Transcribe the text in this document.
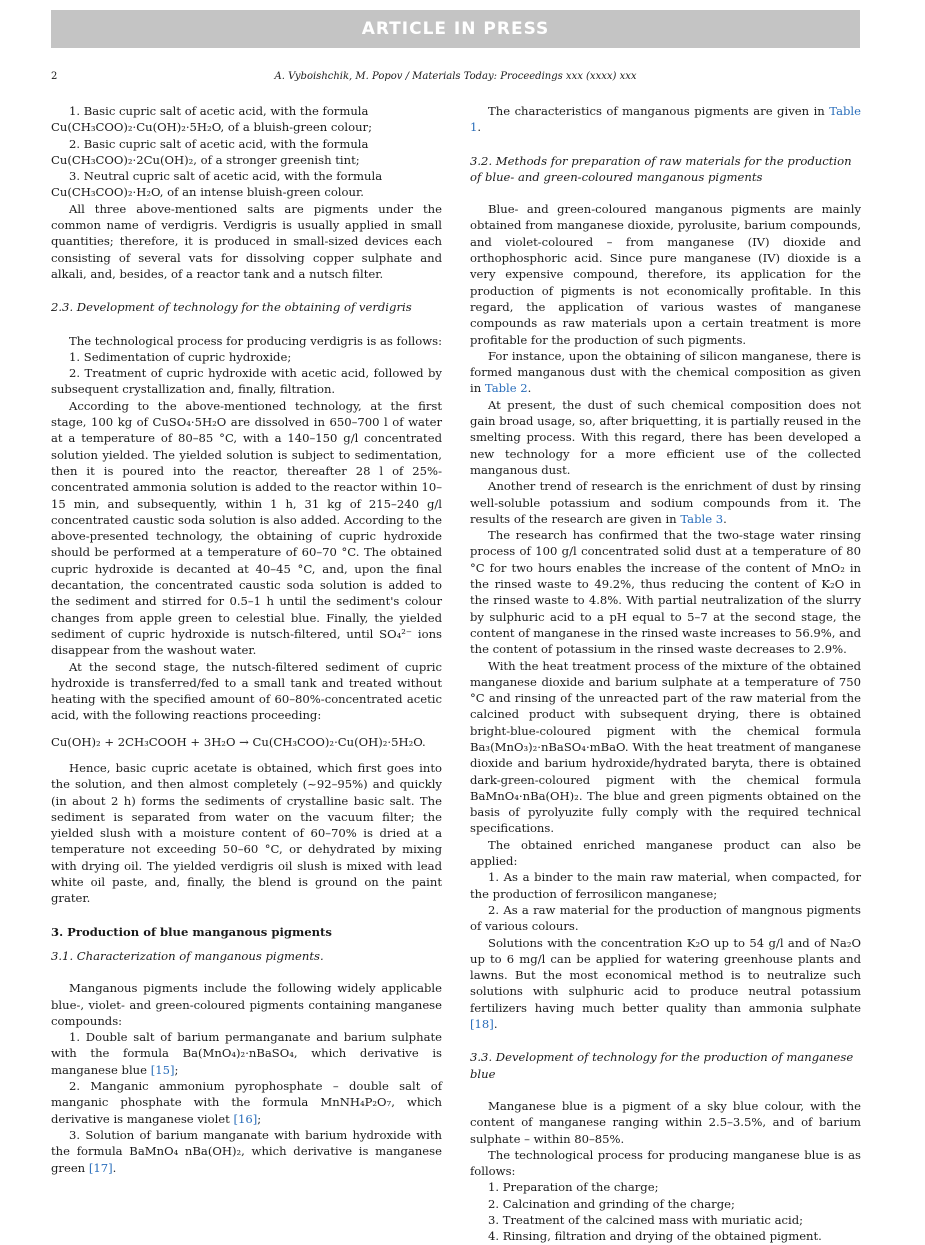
ARTICLE IN PRESS
2	A. Vyboishchik, M. Popov / Materials Today: Proceedings xxx (xxxx) xxx

1. Basic cupric salt of acetic acid, with the formula

Cu(CH₃COO)₂·Cu(OH)₂·5H₂O, of a bluish-green colour;

2. Basic cupric salt of acetic acid, with the formula

Cu(CH₃COO)₂·2Cu(OH)₂, of a stronger greenish tint;

3. Neutral cupric salt of acetic acid, with the formula

Cu(CH₃COO)₂·H₂O, of an intense bluish-green colour.

All three above-mentioned salts are pigments under the common name of verdigris. Verdigris is usually applied in small quantities; therefore, it is produced in small-sized devices each consisting of several vats for dissolving copper sulphate and alkali, and, besides, of a reactor tank and a nutsch filter.

2.3. Development of technology for the obtaining of verdigris

The technological process for producing verdigris is as follows:

1. Sedimentation of cupric hydroxide;

2. Treatment of cupric hydroxide with acetic acid, followed by subsequent crystallization and, finally, filtration.

According to the above-mentioned technology, at the first stage, 100 kg of CuSO₄·5H₂O are dissolved in 650–700 l of water at a temperature of 80–85 °C, with a 140–150 g/l concentrated solution yielded. The yielded solution is subject to sedimentation, then it is poured into the reactor, thereafter 28 l of 25%-concentrated ammonia solution is added to the reactor within 10–15 min, and subsequently, within 1 h, 31 kg of 215–240 g/l concentrated caustic soda solution is also added. According to the above-presented technology, the obtaining of cupric hydroxide should be performed at a temperature of 60–70 °C. The obtained cupric hydroxide is decanted at 40–45 °C, and, upon the final decantation, the concentrated caustic soda solution is added to the sediment and stirred for 0.5–1 h until the sediment's colour changes from apple green to celestial blue. Finally, the yielded sediment of cupric hydroxide is nutsch-filtered, until SO₄²⁻ ions disappear from the washout water.

At the second stage, the nutsch-filtered sediment of cupric hydroxide is transferred/fed to a small tank and treated without heating with the specified amount of 60–80%-concentrated acetic acid, with the following reactions proceeding:

Cu(OH)₂ + 2CH₃COOH + 3H₂O → Cu(CH₃COO)₂·Cu(OH)₂·5H₂O.

Hence, basic cupric acetate is obtained, which first goes into the solution, and then almost completely (~92–95%) and quickly (in about 2 h) forms the sediments of crystalline basic salt. The sediment is separated from water on the vacuum filter; the yielded slush with a moisture content of 60–70% is dried at a temperature not exceeding 50–60 °C, or dehydrated by mixing with drying oil. The yielded verdigris oil slush is mixed with lead white oil paste, and, finally, the blend is ground on the paint grater.

3. Production of blue manganous pigments

3.1. Characterization of manganous pigments.

Manganous pigments include the following widely applicable blue-, violet- and green-coloured pigments containing manganese compounds:

1. Double salt of barium permanganate and barium sulphate with the formula Ba(MnO₄)₂·nBaSO₄, which derivative is manganese blue [15];

2. Manganic ammonium pyrophosphate – double salt of manganic phosphate with the formula MnNH₄P₂O₇, which derivative is manganese violet [16];

3. Solution of barium manganate with barium hydroxide with the formula BaMnO₄ nBa(OH)₂, which derivative is manganese green [17].

The characteristics of manganous pigments are given in Table 1.

3.2. Methods for preparation of raw materials for the production of blue- and green-coloured manganous pigments

Blue- and green-coloured manganous pigments are mainly obtained from manganese dioxide, pyrolusite, barium compounds, and violet-coloured – from manganese (IV) dioxide and orthophosphoric acid. Since pure manganese (IV) dioxide is a very expensive compound, therefore, its application for the production of pigments is not economically profitable. In this regard, the application of various wastes of manganese compounds as raw materials upon a certain treatment is more profitable for the production of such pigments.

For instance, upon the obtaining of silicon manganese, there is formed manganous dust with the chemical composition as given in Table 2.

At present, the dust of such chemical composition does not gain broad usage, so, after briquetting, it is partially reused in the smelting process. With this regard, there has been developed a new technology for a more efficient use of the collected manganous dust.

Another trend of research is the enrichment of dust by rinsing well-soluble potassium and sodium compounds from it. The results of the research are given in Table 3.

The research has confirmed that the two-stage water rinsing process of 100 g/l concentrated solid dust at a temperature of 80 °C for two hours enables the increase of the content of MnO₂ in the rinsed waste to 49.2%, thus reducing the content of K₂O in the rinsed waste to 4.8%. With partial neutralization of the slurry by sulphuric acid to a pH equal to 5–7 at the second stage, the content of manganese in the rinsed waste increases to 56.9%, and the content of potassium in the rinsed waste decreases to 2.9%.

With the heat treatment process of the mixture of the obtained manganese dioxide and barium sulphate at a temperature of 750 °C and rinsing of the unreacted part of the raw material from the calcined product with subsequent drying, there is obtained bright-blue-coloured pigment with the chemical formula Ba₃(MnO₃)₂·nBaSO₄·mBaO. With the heat treatment of manganese dioxide and barium hydroxide/hydrated baryta, there is obtained dark-green-coloured pigment with the chemical formula BaMnO₄·nBa(OH)₂. The blue and green pigments obtained on the basis of pyrolyuzite fully comply with the required technical specifications.

The obtained enriched manganese product can also be applied:

1. As a binder to the main raw material, when compacted, for the production of ferrosilicon manganese;

2. As a raw material for the production of mangnous pigments of various colours.

Solutions with the concentration K₂O up to 54 g/l and of Na₂O up to 6 mg/l can be applied for watering greenhouse plants and lawns. But the most economical method is to neutralize such solutions with sulphuric acid to produce neutral potassium fertilizers having much better quality than ammonia sulphate [18].

3.3. Development of technology for the production of manganese blue

Manganese blue is a pigment of a sky blue colour, with the content of manganese ranging within 2.5–3.5%, and of barium sulphate – within 80–85%.

The technological process for producing manganese blue is as follows:

1. Preparation of the charge;

2. Calcination and grinding of the charge;

3. Treatment of the calcined mass with muriatic acid;

4. Rinsing, filtration and drying of the obtained pigment.
